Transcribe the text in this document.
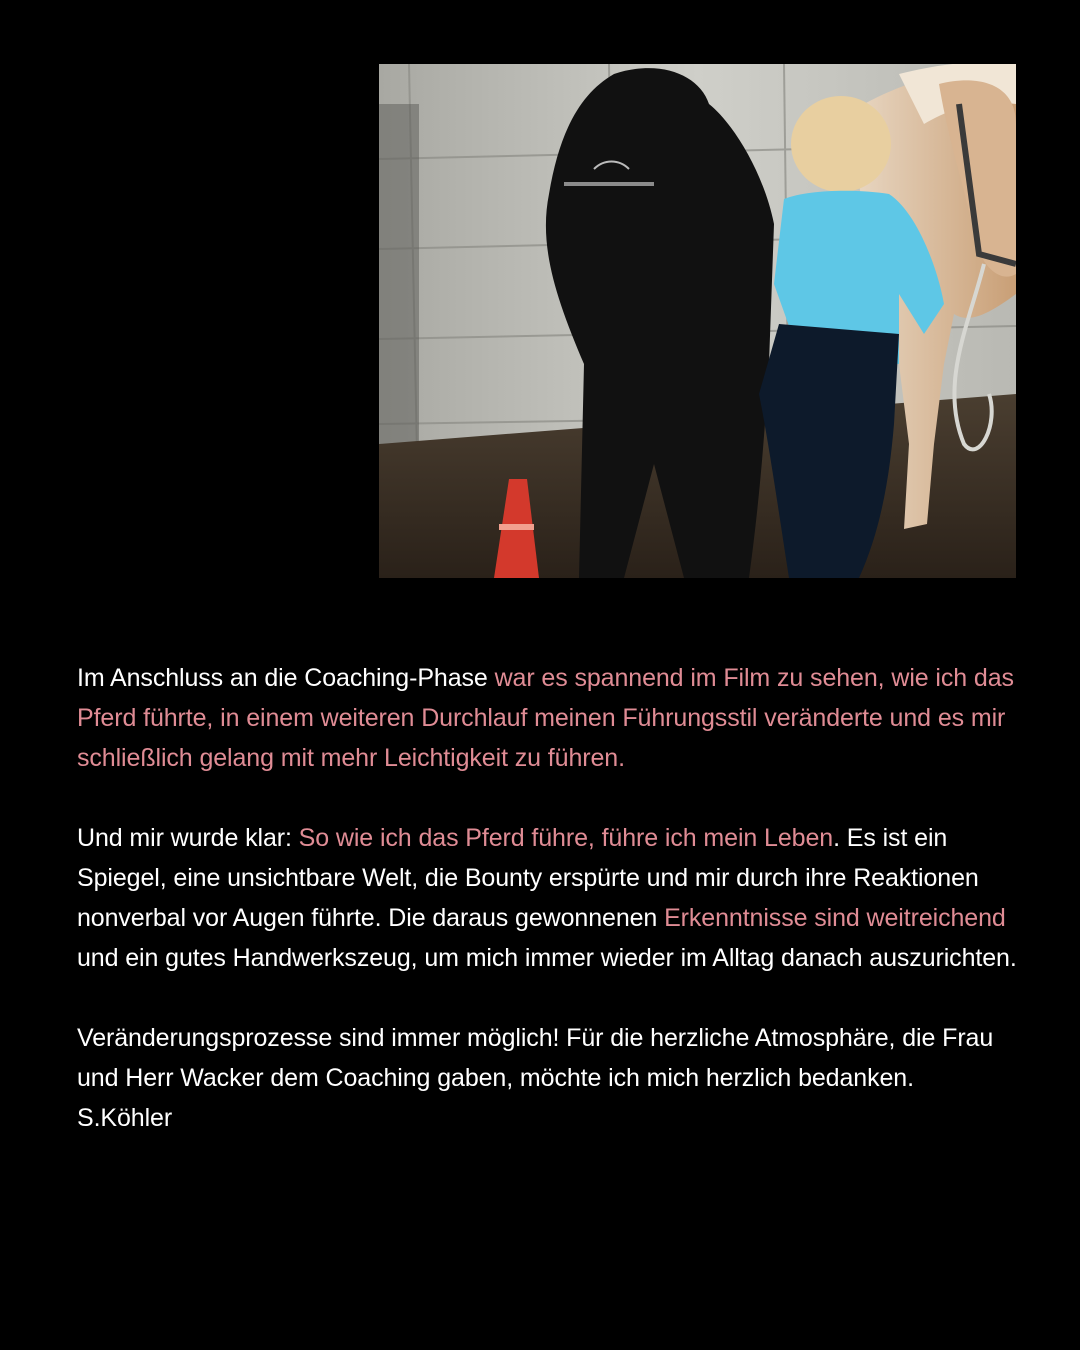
Im Anschluss an die Coaching-Phase war es spannend im Film zu sehen, wie ich das Pferd führte, in einem weiteren Durchlauf meinen Führungsstil veränderte und es mir schließlich gelang mit mehr Leichtigkeit zu führen.

Und mir wurde klar: So wie ich das Pferd führe, führe ich mein Leben. Es ist ein Spiegel, eine unsichtbare Welt, die Bounty erspürte und mir durch ihre Reaktionen nonverbal vor Augen führte. Die daraus gewonnenen Erkenntnisse sind weitreichend und ein gutes Handwerkszeug, um mich immer wieder im Alltag danach auszurichten.

Veränderungsprozesse sind immer möglich! Für die herzliche Atmosphäre, die Frau und Herr Wacker dem Coaching gaben, möchte ich mich herzlich bedanken.

S.Köhler
